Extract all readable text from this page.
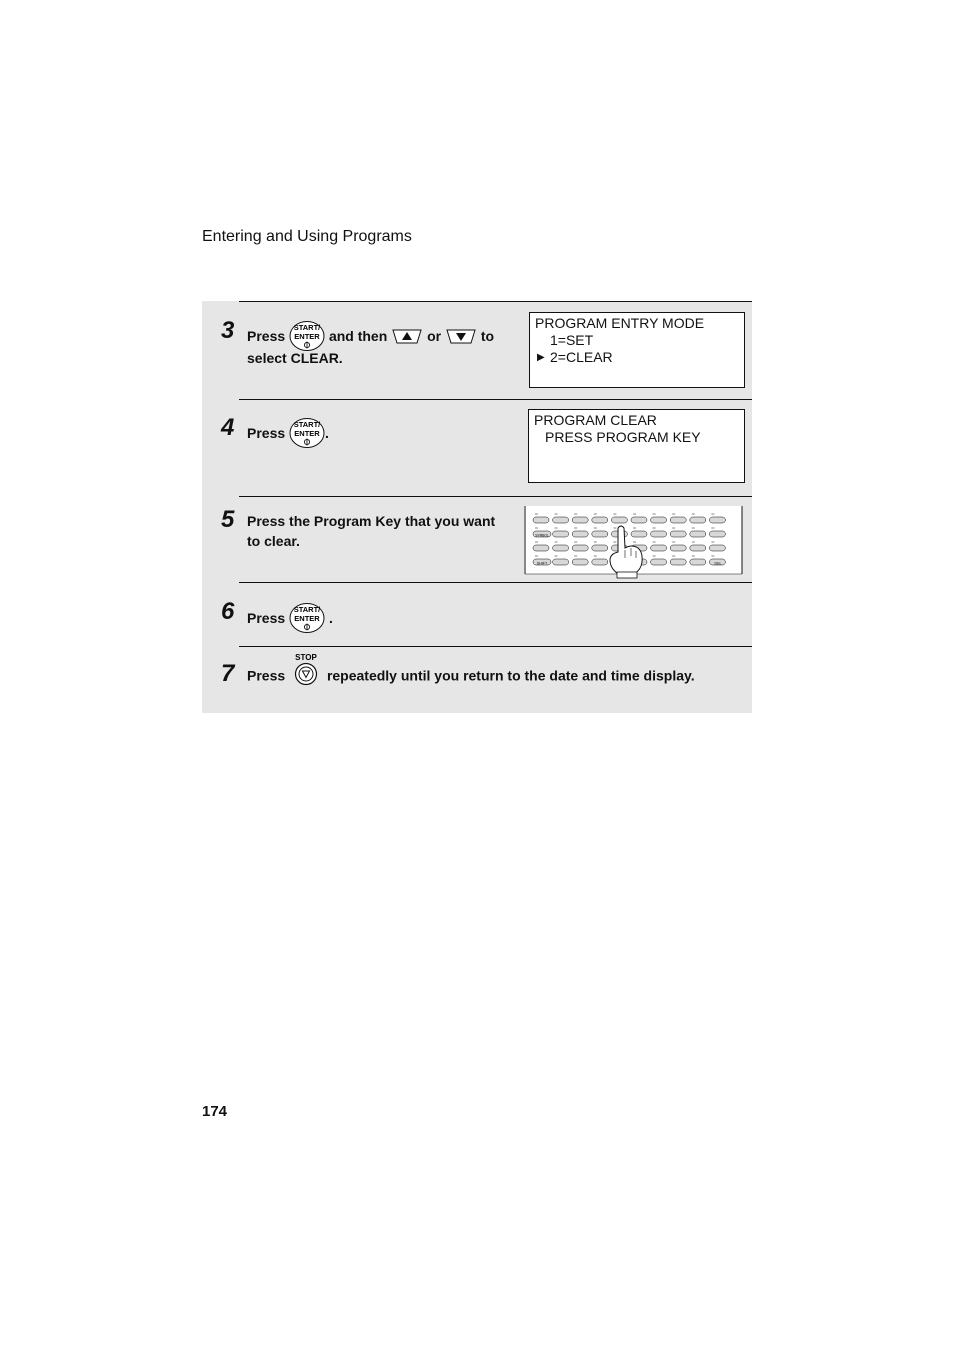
Entering and Using Programs
3 Press
START/
ENTER and then	or	to
select CLEAR.
PROGRAM ENTRY MODE
1=SET
▶ 2=CLEAR
4 Press
START/
ENTER .
PROGRAM CLEAR
PRESS PROGRAM KEY
5 Press the Program Key that you want
to clear.	SYMBOL
SHIFT	DEL
6 Press
START/
ENTER .
7 Press
STOP
repeatedly until you return to the date and time display.
174
